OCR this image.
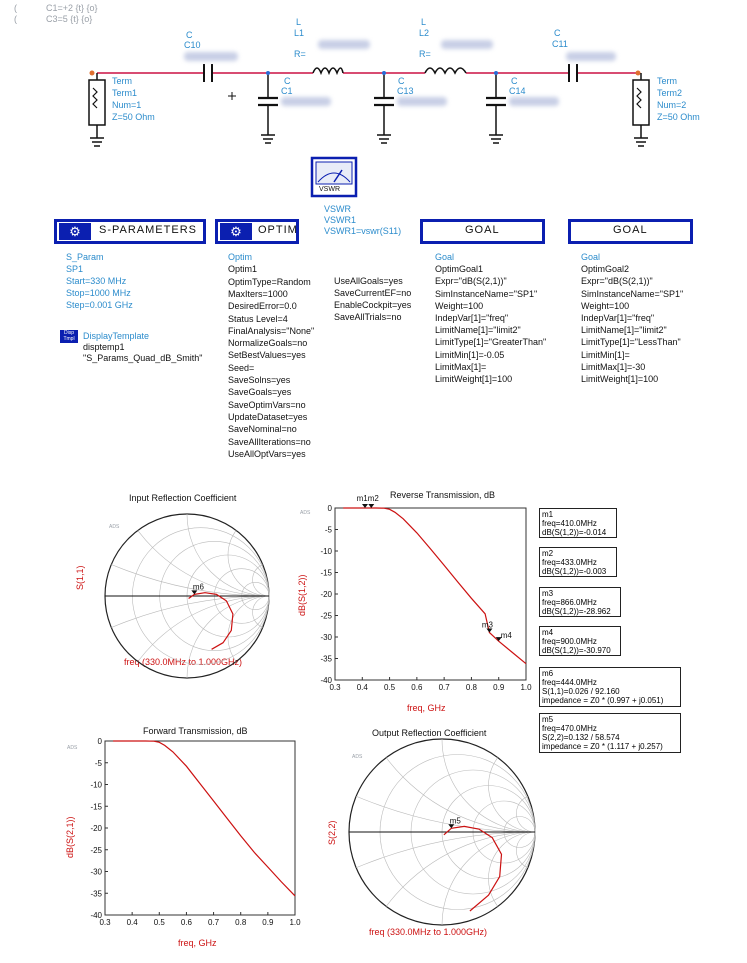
(	C1=+2 {t} {o}
(	C3=5 {t} {o}
C
C10
L
L1
R=
L
L2
R=
C
C11
C
C1
C
C13
C
C14
Term
Term1
Num=1
Z=50 Ohm
Term
Term2
Num=2
Z=50 Ohm
VSWR
VSWR
VSWR1
VSWR1=vswr(S11)
⚙	S-PARAMETERS
S_Param
SP1
Start=330 MHz
Stop=1000 MHz
Step=0.001 GHz
⚙	OPTIM
Optim
Optim1
OptimType=Random
MaxIters=1000
DesiredError=0.0
Status Level=4
FinalAnalysis="None"
NormalizeGoals=no
SetBestValues=yes
Seed=
SaveSolns=yes
SaveGoals=yes
SaveOptimVars=no
UpdateDataset=yes
SaveNominal=no
SaveAllIterations=no
UseAllOptVars=yes
UseAllGoals=yes
SaveCurrentEF=no
EnableCockpit=yes
SaveAllTrials=no
GOAL
Goal
OptimGoal1
Expr="dB(S(2,1))"
SimInstanceName="SP1"
Weight=100
IndepVar[1]="freq"
LimitName[1]="limit2"
LimitType[1]="GreaterThan"
LimitMin[1]=-0.05
LimitMax[1]=
LimitWeight[1]=100
GOAL
Goal
OptimGoal2
Expr="dB(S(2,1))"
SimInstanceName="SP1"
Weight=100
IndepVar[1]="freq"
LimitName[1]="limit2"
LimitType[1]="LessThan"
LimitMin[1]=
LimitMax[1]=-30
LimitWeight[1]=100
Disp Tmpl DisplayTemplate
disptemp1
"S_Params_Quad_dB_Smith"
Input Reflection Coefficient
Output Reflection Coefficient
Reverse Transmission, dB
Forward Transmission, dB
freq (330.0MHz to 1.000GHz)
freq (330.0MHz to 1.000GHz)
freq, GHz
freq, GHz
S(1,1)
S(2,2)
dB(S(1,2))
dB(S(2,1))
ADS
ADS
ADS
ADS
0.3 0.4 0.5 0.6 0.7 0.8 0.9 1.0
0
-5
-10
-15
-20
-25
-30
-35
-40
0.3 0.4 0.5 0.6 0.7 0.8 0.9 1.0
0
-5
-10
-15
-20
-25
-30
-35
-40
m1m2
m3
m4
m6
m5
m1
freq=410.0MHz
dB(S(1,2))=-0.014
m2
freq=433.0MHz
dB(S(1,2))=-0.003
m3
freq=866.0MHz
dB(S(1,2))=-28.962
m4
freq=900.0MHz
dB(S(1,2))=-30.970
m6
freq=444.0MHz
S(1,1)=0.026 / 92.160
impedance = Z0 * (0.997 + j0.051)
m5
freq=470.0MHz
S(2,2)=0.132 / 58.574
impedance = Z0 * (1.117 + j0.257)
